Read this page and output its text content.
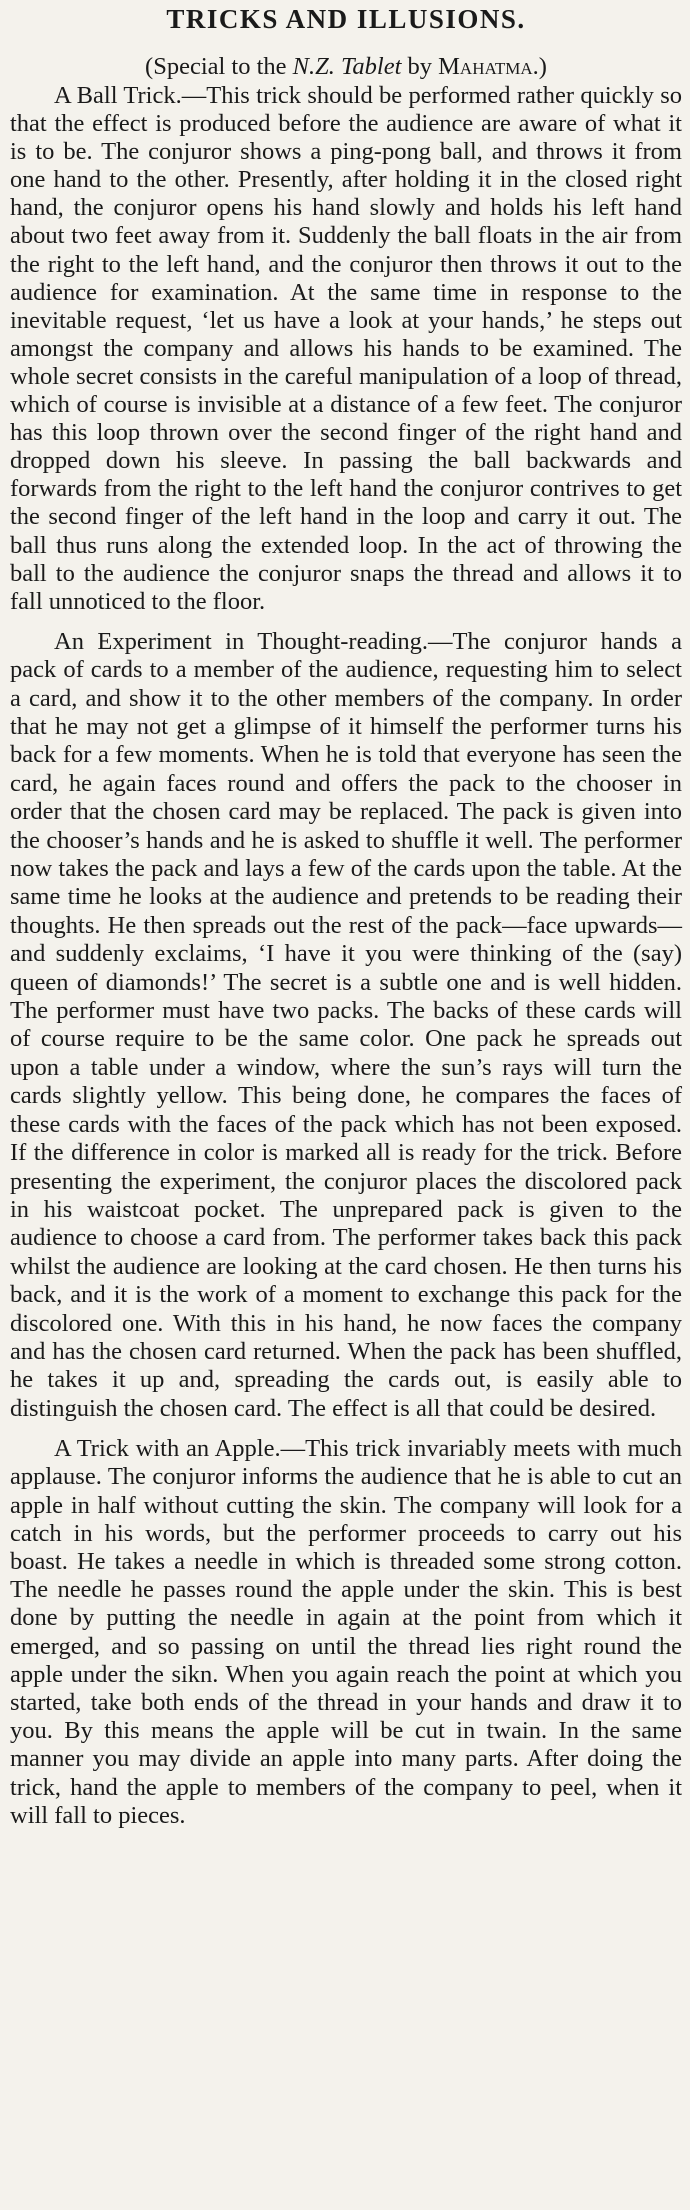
TRICKS AND ILLUSIONS.

(Special to the N.Z. Tablet by Mahatma.)

A Ball Trick.—This trick should be performed rather quickly so that the effect is produced before the audience are aware of what it is to be. The conjuror shows a ping-pong ball, and throws it from one hand to the other. Presently, after holding it in the closed right hand, the conjuror opens his hand slowly and holds his left hand about two feet away from it. Suddenly the ball floats in the air from the right to the left hand, and the conjuror then throws it out to the audience for examination. At the same time in response to the inevitable request, ‘let us have a look at your hands,’ he steps out amongst the company and allows his hands to be examined. The whole secret consists in the careful manipulation of a loop of thread, which of course is invisible at a distance of a few feet. The conjuror has this loop thrown over the second finger of the right hand and dropped down his sleeve. In passing the ball backwards and forwards from the right to the left hand the conjuror contrives to get the second finger of the left hand in the loop and carry it out. The ball thus runs along the extended loop. In the act of throwing the ball to the audience the conjuror snaps the thread and allows it to fall unnoticed to the floor.

An Experiment in Thought-reading.—The conjuror hands a pack of cards to a member of the audience, requesting him to select a card, and show it to the other members of the company. In order that he may not get a glimpse of it himself the performer turns his back for a few moments. When he is told that everyone has seen the card, he again faces round and offers the pack to the chooser in order that the chosen card may be replaced. The pack is given into the chooser’s hands and he is asked to shuffle it well. The performer now takes the pack and lays a few of the cards upon the table. At the same time he looks at the audience and pretends to be reading their thoughts. He then spreads out the rest of the pack—face upwards—and suddenly exclaims, ‘I have it you were thinking of the (say) queen of diamonds!’ The secret is a subtle one and is well hidden. The performer must have two packs. The backs of these cards will of course require to be the same color. One pack he spreads out upon a table under a window, where the sun’s rays will turn the cards slightly yellow. This being done, he compares the faces of these cards with the faces of the pack which has not been exposed. If the difference in color is marked all is ready for the trick. Before presenting the experiment, the conjuror places the discolored pack in his waistcoat pocket. The unprepared pack is given to the audience to choose a card from. The performer takes back this pack whilst the audience are looking at the card chosen. He then turns his back, and it is the work of a moment to exchange this pack for the discolored one. With this in his hand, he now faces the company and has the chosen card returned. When the pack has been shuffled, he takes it up and, spreading the cards out, is easily able to distinguish the chosen card. The effect is all that could be desired.

A Trick with an Apple.—This trick invariably meets with much applause. The conjuror informs the audience that he is able to cut an apple in half without cutting the skin. The company will look for a catch in his words, but the performer proceeds to carry out his boast. He takes a needle in which is threaded some strong cotton. The needle he passes round the apple under the skin. This is best done by putting the needle in again at the point from which it emerged, and so passing on until the thread lies right round the apple under the sikn. When you again reach the point at which you started, take both ends of the thread in your hands and draw it to you. By this means the apple will be cut in twain. In the same manner you may divide an apple into many parts. After doing the trick, hand the apple to members of the company to peel, when it will fall to pieces.
